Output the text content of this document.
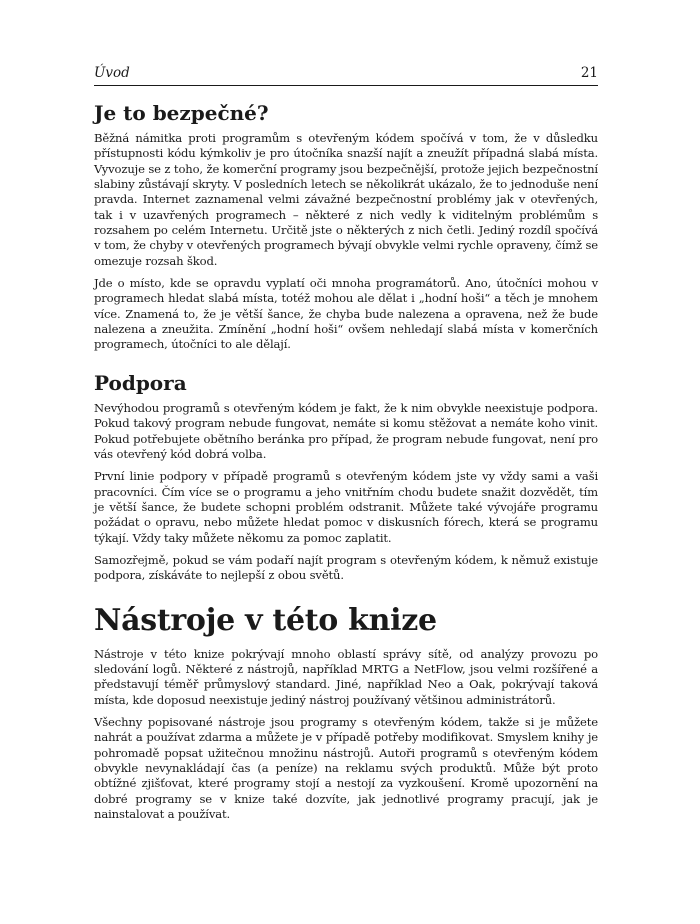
Úvod	21
Je to bezpečné?

Běžná námitka proti programům s otevřeným kódem spočívá v tom, že v důsledku přístupnosti kódu kýmkoliv je pro útočníka snazší najít a zneužít případná slabá místa. Vyvozuje se z toho, že komerční programy jsou bezpečnější, protože jejich bezpečnostní slabiny zůstávají skryty. V posledních letech se několikrát ukázalo, že to jednoduše není pravda. Internet zaznamenal velmi závažné bezpečnostní problémy jak v otevřených, tak i v uzavřených programech – některé z nich vedly k viditelným problémům s rozsahem po celém Internetu. Určitě jste o některých z nich četli. Jediný rozdíl spočívá v tom, že chyby v otevřených programech bývají obvykle velmi rychle opraveny, čímž se omezuje rozsah škod.

Jde o místo, kde se opravdu vyplatí oči mnoha programátorů. Ano, útočníci mohou v programech hledat slabá místa, totéž mohou ale dělat i „hodní hoši“ a těch je mnohem více. Znamená to, že je větší šance, že chyba bude nalezena a opravena, než že bude nalezena a zneužita. Zmínění „hodní hoši“ ovšem nehledají slabá místa v komerčních programech, útočníci to ale dělají.

Podpora

Nevýhodou programů s otevřeným kódem je fakt, že k nim obvykle neexistuje podpora. Pokud takový program nebude fungovat, nemáte si komu stěžovat a nemáte koho vinit. Pokud potřebujete obětního beránka pro případ, že program nebude fungovat, není pro vás otevřený kód dobrá volba.

První linie podpory v případě programů s otevřeným kódem jste vy vždy sami a vaši pracovníci. Čím více se o programu a jeho vnitřním chodu budete snažit dozvědět, tím je větší šance, že budete schopni problém odstranit. Můžete také vývojáře programu požádat o opravu, nebo můžete hledat pomoc v diskusních fórech, která se programu týkají. Vždy taky můžete někomu za pomoc zaplatit.

Samozřejmě, pokud se vám podaří najít program s otevřeným kódem, k němuž existuje podpora, získáváte to nejlepší z obou světů.

Nástroje v této knize

Nástroje v této knize pokrývají mnoho oblastí správy sítě, od analýzy provozu po sledování logů. Některé z nástrojů, například MRTG a NetFlow, jsou velmi rozšířené a představují téměř průmyslový standard. Jiné, například Neo a Oak, pokrývají taková místa, kde doposud neexistuje jediný nástroj používaný většinou administrátorů.

Všechny popisované nástroje jsou programy s otevřeným kódem, takže si je můžete nahrát a používat zdarma a můžete je v případě potřeby modifikovat. Smyslem knihy je pohromadě popsat užitečnou množinu nástrojů. Autoři programů s otevřeným kódem obvykle nevynakládají čas (a peníze) na reklamu svých produktů. Může být proto obtížné zjišťovat, které programy stojí a nestojí za vyzkoušení. Kromě upozornění na dobré programy se v knize také dozvíte, jak jednotlivé programy pracují, jak je nainstalovat a používat.
